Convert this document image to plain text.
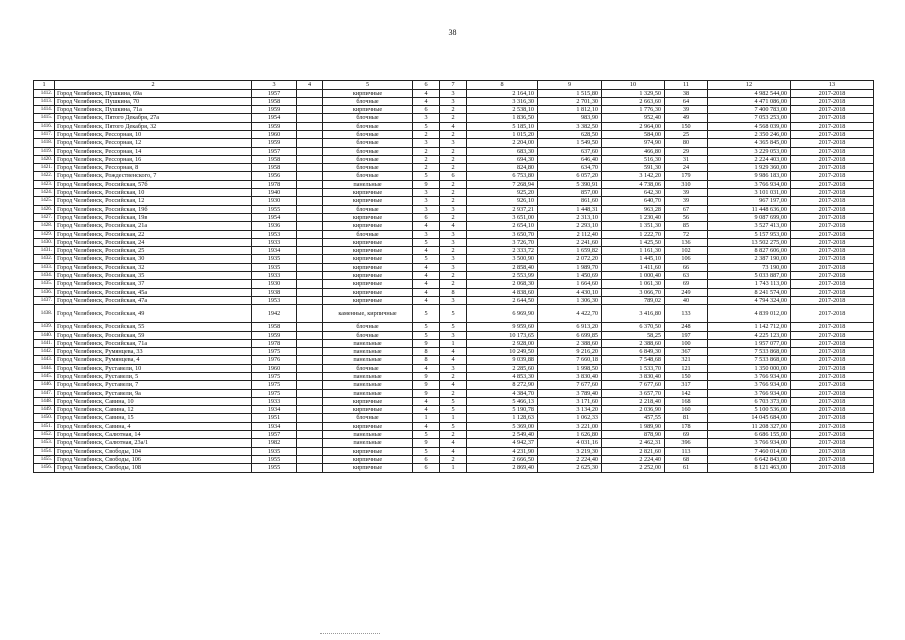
38
1	2	3	4	5	6	7	8	9	10	11	12	13
1412.	Город Челябинск, Пушкина, 69а	1957		кирпичные	4	3	2 164,10	1 515,80	1 329,50	38	4 982 544,00	2017-2018
1413.	Город Челябинск, Пушкина, 70	1958		блочные	4	3	3 316,30	2 701,30	2 663,60	64	4 471 086,00	2017-2018
1414.	Город Челябинск, Пушкина, 71а	1959		кирпичные	6	2	2 538,10	1 812,10	1 776,30	39	7 400 783,00	2017-2018
1415.	Город Челябинск, Пятого Декабря, 27а	1954		блочные	3	2	1 836,50	983,90	952,40	49	7 053 253,00	2017-2018
1416.	Город Челябинск, Пятого Декабря, 32	1959		блочные	5	4	5 185,10	3 382,50	2 964,00	150	4 568 039,00	2017-2018
1417.	Город Челябинск, Рессорная, 10	1960		блочные	2	2	1 015,20	628,50	584,00	25	2 350 246,00	2017-2018
1418.	Город Челябинск, Рессорная, 12	1959		блочные	3	3	2 204,00	1 549,50	974,90	80	4 365 845,00	2017-2018
1419.	Город Челябинск, Рессорная, 14	1957		блочные	2	2	683,30	637,60	466,80	29	3 229 053,00	2017-2018
1420.	Город Челябинск, Рессорная, 16	1958		блочные	2	2	694,30	646,40	516,30	31	2 224 403,00	2017-2018
1421.	Город Челябинск, Рессорная, 8	1958		блочные	2	2	824,80	634,70	591,30	24	1 929 360,00	2017-2018
1422.	Город Челябинск, Рождественского, 7	1956		блочные	5	6	6 753,80	6 057,20	3 142,20	179	9 986 183,00	2017-2018
1423.	Город Челябинск, Российская, 57б	1978		панельные	9	2	7 268,94	5 390,91	4 738,06	310	3 766 934,00	2017-2018
1424.	Город Челябинск, Российская, 10	1940		кирпичные	3	2	925,20	857,00	642,30	39	3 101 031,00	2017-2018
1425.	Город Челябинск, Российская, 12	1930		кирпичные	3	2	926,10	861,60	640,70	39	967 197,00	2017-2018
1426.	Город Челябинск, Российская, 19б	1955		блочные	3	3	2 937,21	1 448,31	963,28	67	11 448 636,00	2017-2018
1427.	Город Челябинск, Российская, 19в	1954		кирпичные	6	2	3 651,00	2 313,10	1 230,40	56	9 087 699,00	2017-2018
1428.	Город Челябинск, Российская, 21а	1936		кирпичные	4	4	2 654,10	2 293,10	1 351,30	85	3 527 413,00	2017-2018
1429.	Город Челябинск, Российская, 22	1953		блочные	3	3	3 650,70	2 112,40	1 222,70	72	5 157 953,00	2017-2018
1430.	Город Челябинск, Российская, 24	1933		кирпичные	5	3	3 726,70	2 241,60	1 425,50	136	13 502 275,00	2017-2018
1431.	Город Челябинск, Российская, 25	1934		кирпичные	4	2	2 333,72	1 659,82	1 161,30	102	8 827 606,00	2017-2018
1432.	Город Челябинск, Российская, 30	1935		кирпичные	5	3	3 500,90	2 072,20	1 445,10	106	2 387 190,00	2017-2018
1433.	Город Челябинск, Российская, 32	1935		кирпичные	4	3	2 858,40	1 989,70	1 411,60	66	73 190,00	2017-2018
1434.	Город Челябинск, Российская, 35	1933		кирпичные	4	2	2 553,99	1 450,69	1 000,40	63	5 033 887,00	2017-2018
1435.	Город Челябинск, Российская, 37	1930		кирпичные	4	2	2 068,30	1 664,60	1 061,30	69	1 743 113,00	2017-2018
1436.	Город Челябинск, Российская, 45а	1938		кирпичные	4	8	4 838,60	4 430,10	3 066,70	249	8 241 574,00	2017-2018
1437.	Город Челябинск, Российская, 47а	1953		кирпичные	4	3	2 644,50	1 306,30	789,02	40	4 794 324,00	2017-2018
1438.	Город Челябинск, Российская, 49	1942		каменные, кирпичные	5	5	6 969,90	4 422,70	3 416,80	133	4 839 012,00	2017-2018
1439.	Город Челябинск, Российская, 55	1958		блочные	5	5	9 959,60	6 913,20	6 370,50	248	1 142 712,00	2017-2018
1440.	Город Челябинск, Российская, 59	1959		блочные	5	3	10 173,65	6 699,85	58,25	197	4 225 123,00	2017-2018
1441.	Город Челябинск, Российская, 71а	1978		панельные	9	1	2 928,00	2 388,60	2 388,60	100	1 957 077,00	2017-2018
1442.	Город Челябинск, Румянцева, 33	1975		панельные	8	4	10 249,50	9 216,20	6 849,30	367	7 533 868,00	2017-2018
1443.	Город Челябинск, Румянцева, 4	1976		панельные	8	4	9 039,88	7 660,18	7 548,68	321	7 533 868,00	2017-2018
1444.	Город Челябинск, Руставели, 10	1960		блочные	4	3	2 285,60	1 998,50	1 533,70	121	1 350 000,00	2017-2018
1445.	Город Челябинск, Руставели, 5	1975		панельные	9	2	4 853,30	3 830,40	3 830,40	150	3 766 934,00	2017-2018
1446.	Город Челябинск, Руставели, 7	1975		панельные	9	4	8 272,90	7 677,60	7 677,60	317	3 766 934,00	2017-2018
1447.	Город Челябинск, Руставели, 9а	1975		панельные	9	2	4 384,70	3 789,40	3 657,70	142	3 766 934,00	2017-2018
1448.	Город Челябинск, Савина, 10	1933		кирпичные	4	5	5 466,13	3 171,60	2 218,40	168	6 703 373,00	2017-2018
1449.	Город Челябинск, Савина, 12	1934		кирпичные	4	5	5 190,78	3 134,20	2 036,90	160	5 100 536,00	2017-2018
1450.	Город Челябинск, Савина, 15	1951		блочные	1	1	1 128,63	1 062,33	457,55	81	14 045 684,00	2017-2018
1451.	Город Челябинск, Савина, 4	1934		кирпичные	4	5	5 369,00	3 221,00	1 989,90	178	11 208 327,00	2017-2018
1452.	Город Челябинск, Салютная, 14	1957		панельные	5	2	2 549,40	1 626,80	878,90	69	6 686 155,00	2017-2018
1453.	Город Челябинск, Салютная, 23а/1	1982		панельные	9	4	4 942,37	4 031,16	2 462,31	396	3 766 934,00	2017-2018
1454.	Город Челябинск, Свободы, 104	1935		кирпичные	5	4	4 231,90	3 219,30	2 821,60	113	7 460 014,00	2017-2018
1455.	Город Челябинск, Свободы, 106	1955		кирпичные	6	2	2 666,50	2 224,40	2 224,40	68	6 642 843,00	2017-2018
1456.	Город Челябинск, Свободы, 108	1955		кирпичные	6	1	2 869,40	2 625,30	2 252,00	61	8 121 463,00	2017-2018
